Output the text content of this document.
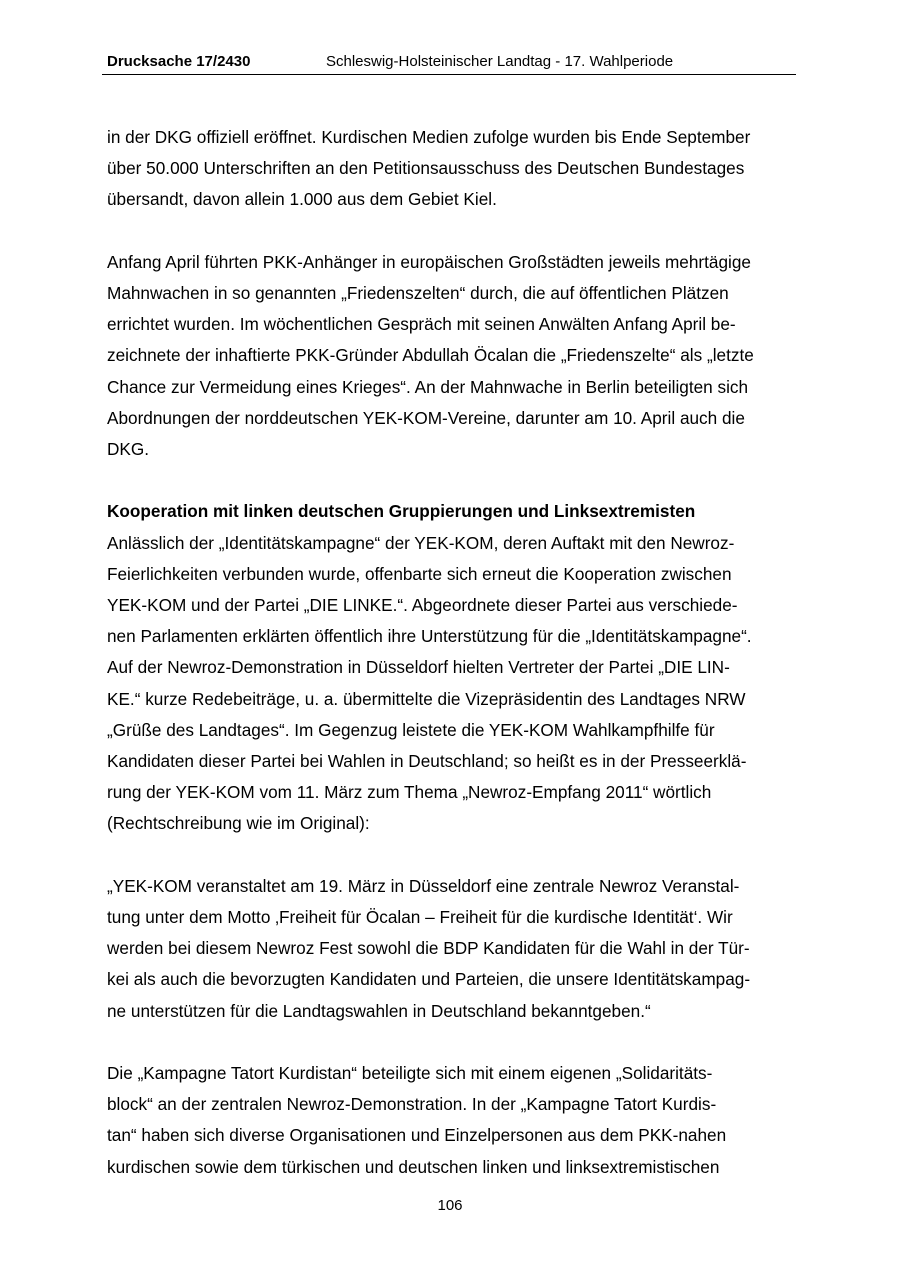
Drucksache 17/2430	Schleswig-Holsteinischer Landtag - 17. Wahlperiode
in der DKG offiziell eröffnet. Kurdischen Medien zufolge wurden bis Ende September
über 50.000 Unterschriften an den Petitionsausschuss des Deutschen Bundestages
übersandt, davon allein 1.000 aus dem Gebiet Kiel.
Anfang April führten PKK-Anhänger in europäischen Großstädten jeweils mehrtägige
Mahnwachen in so genannten „Friedenszelten“ durch, die auf öffentlichen Plätzen
errichtet wurden. Im wöchentlichen Gespräch mit seinen Anwälten Anfang April be-
zeichnete der inhaftierte PKK-Gründer Abdullah Öcalan die „Friedenszelte“ als „letzte
Chance zur Vermeidung eines Krieges“. An der Mahnwache in Berlin beteiligten sich
Abordnungen der norddeutschen YEK-KOM-Vereine, darunter am 10. April auch die
DKG.
Kooperation mit linken deutschen Gruppierungen und Linksextremisten
Anlässlich der „Identitätskampagne“ der YEK-KOM, deren Auftakt mit den Newroz-
Feierlichkeiten verbunden wurde, offenbarte sich erneut die Kooperation zwischen
YEK-KOM und der Partei „DIE LINKE.“. Abgeordnete dieser Partei aus verschiede-
nen Parlamenten erklärten öffentlich ihre Unterstützung für die „Identitätskampagne“.
Auf der Newroz-Demonstration in Düsseldorf hielten Vertreter der Partei „DIE LIN-
KE.“ kurze Redebeiträge, u. a. übermittelte die Vizepräsidentin des Landtages NRW
„Grüße des Landtages“. Im Gegenzug leistete die YEK-KOM Wahlkampfhilfe für
Kandidaten dieser Partei bei Wahlen in Deutschland; so heißt es in der Presseerklä-
rung der YEK-KOM vom 11. März zum Thema „Newroz-Empfang 2011“ wörtlich
(Rechtschreibung wie im Original):
„YEK-KOM veranstaltet am 19. März in Düsseldorf eine zentrale Newroz Veranstal-
tung unter dem Motto ‚Freiheit für Öcalan – Freiheit für die kurdische Identität‘. Wir
werden bei diesem Newroz Fest sowohl die BDP Kandidaten für die Wahl in der Tür-
kei als auch die bevorzugten Kandidaten und Parteien, die unsere Identitätskampag-
ne unterstützen für die Landtagswahlen in Deutschland bekanntgeben.“
Die „Kampagne Tatort Kurdistan“ beteiligte sich mit einem eigenen „Solidaritäts-
block“ an der zentralen Newroz-Demonstration. In der „Kampagne Tatort Kurdis-
tan“ haben sich diverse Organisationen und Einzelpersonen aus dem PKK-nahen
kurdischen sowie dem türkischen und deutschen linken und linksextremistischen
106
